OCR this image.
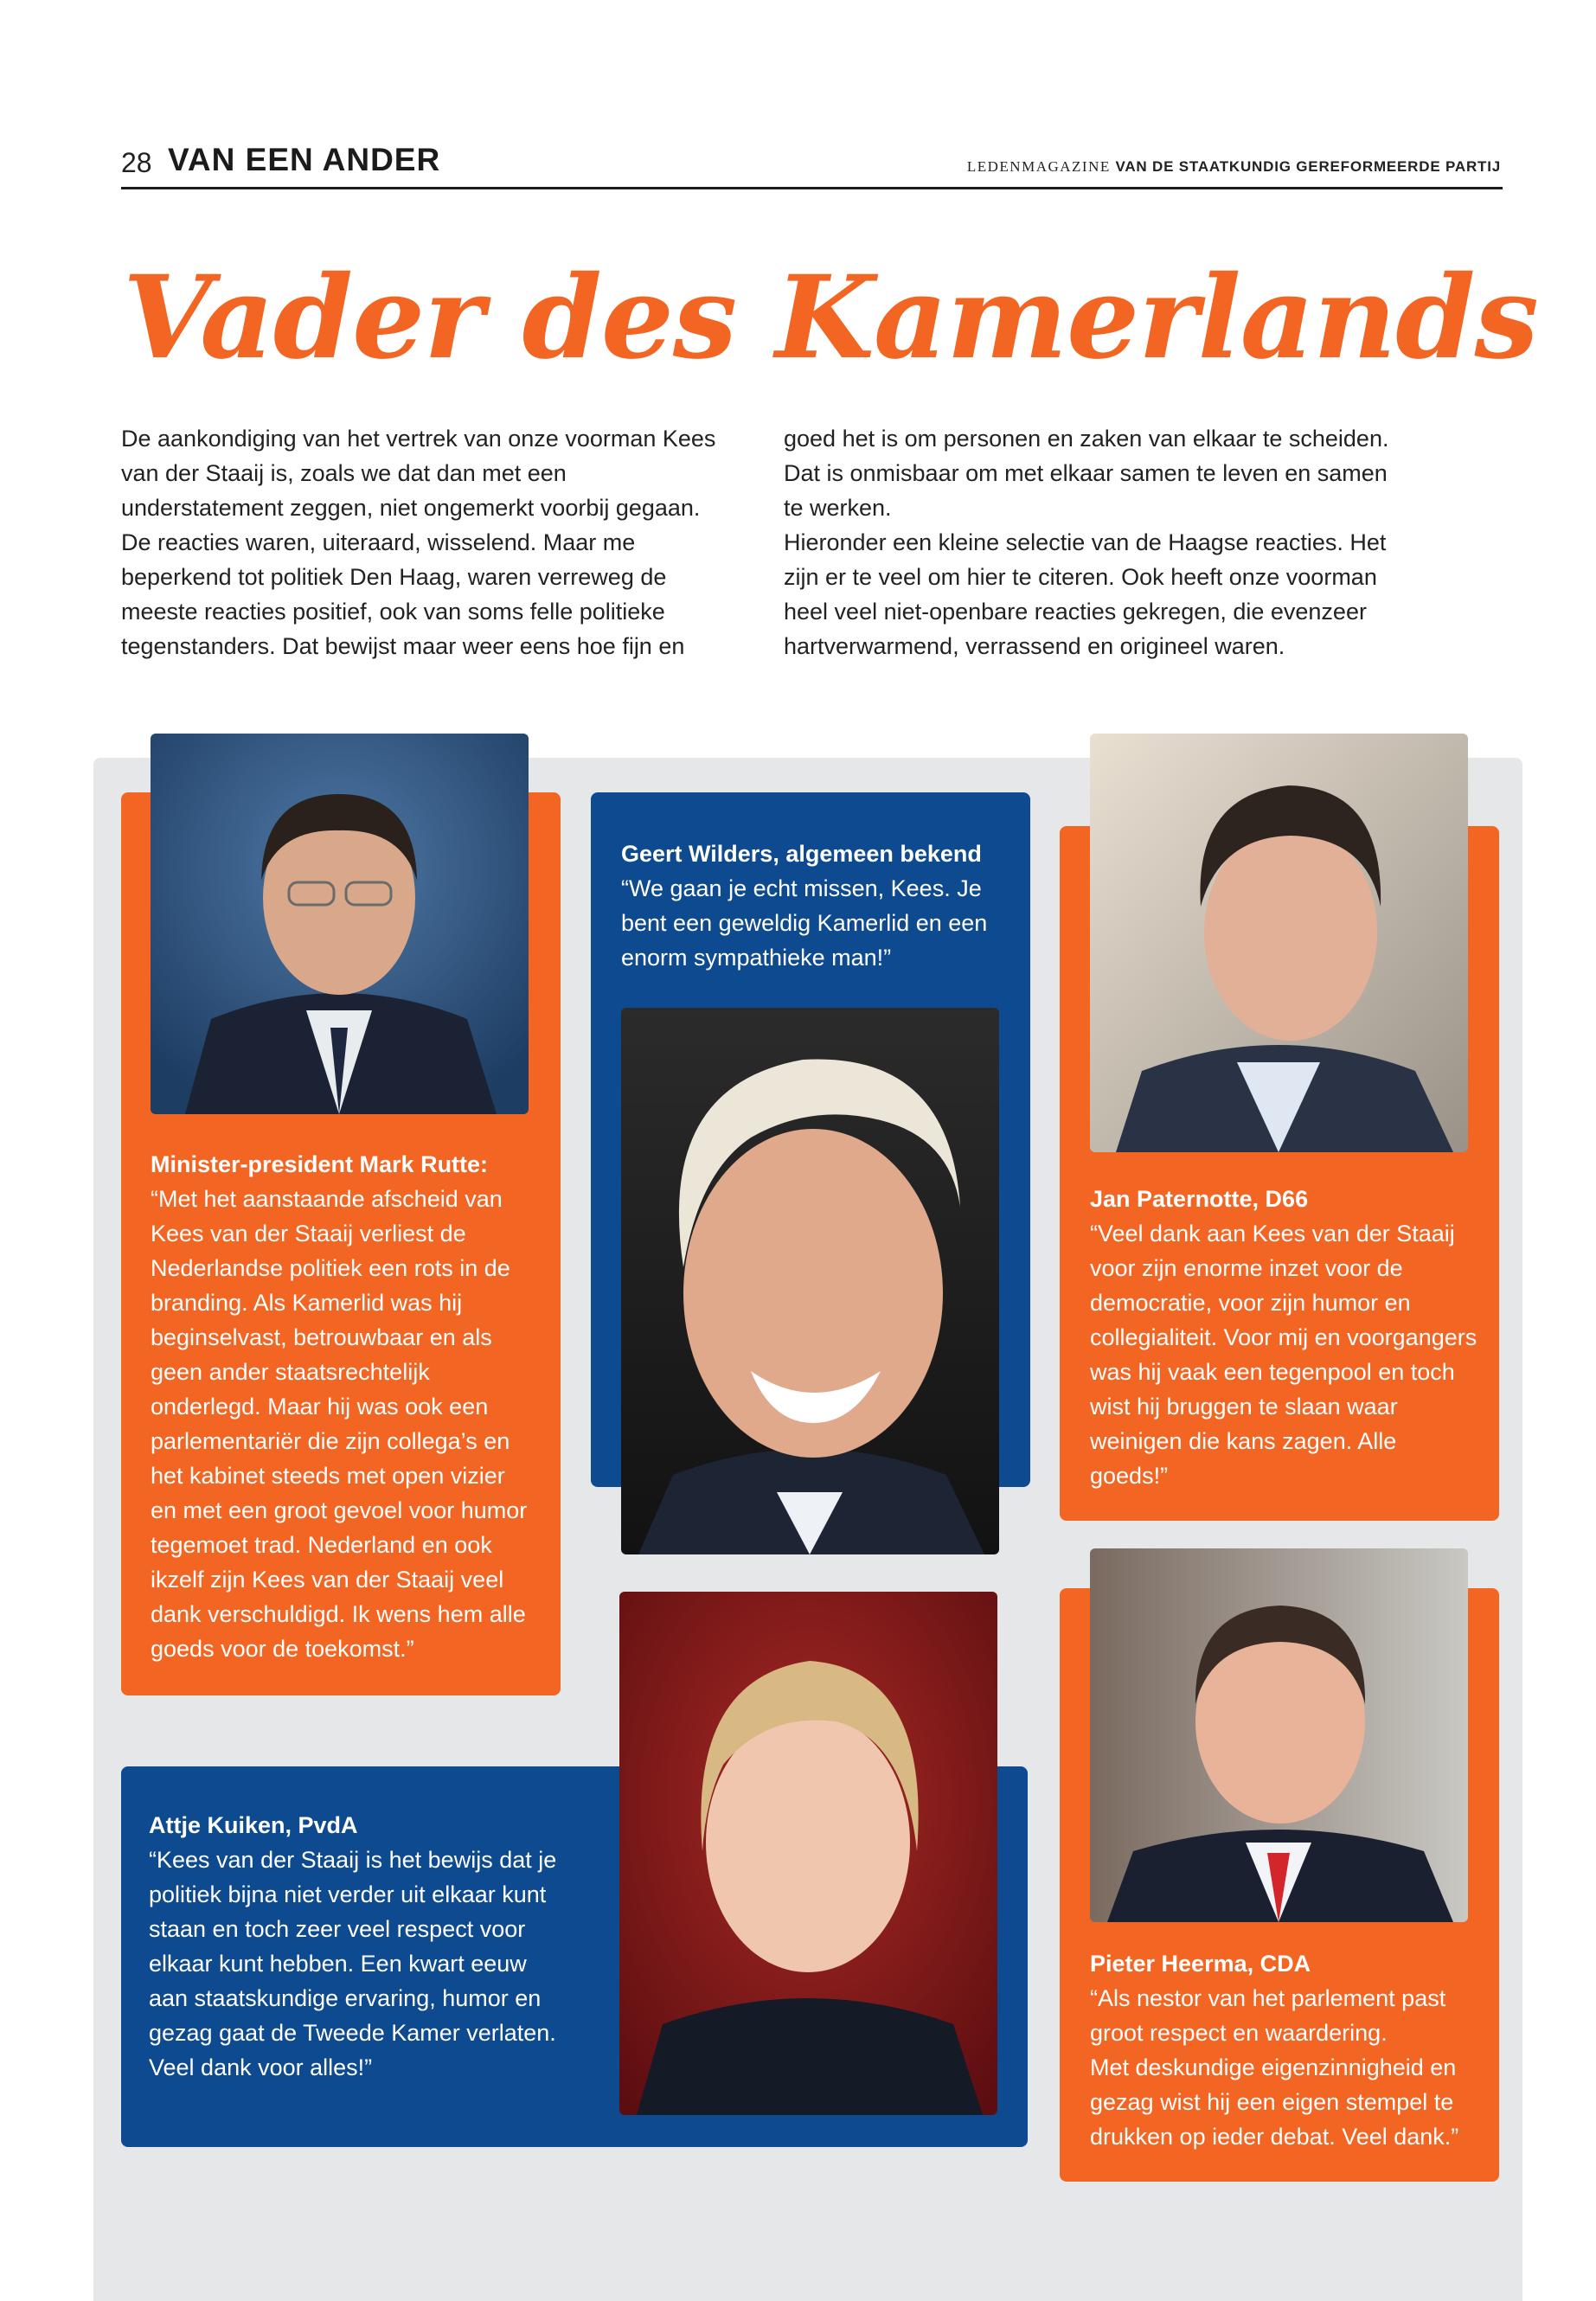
28 VAN EEN ANDER	LEDENMAGAZINE VAN DE STAATKUNDIG GEREFORMEERDE PARTIJ
Vader des Kamerlands

De aankondiging van het vertrek van onze voorman Kees van der Staaij is, zoals we dat dan met een understatement zeggen, niet ongemerkt voorbij gegaan. De reacties waren, uiteraard, wisselend. Maar me beperkend tot politiek Den Haag, waren verreweg de meeste reacties positief, ook van soms felle politieke tegenstanders. Dat bewijst maar weer eens hoe fijn en

goed het is om personen en zaken van elkaar te scheiden. Dat is onmisbaar om met elkaar samen te leven en samen te werken.

Hieronder een kleine selectie van de Haagse reacties. Het zijn er te veel om hier te citeren. Ook heeft onze voorman heel veel niet-openbare reacties gekregen, die evenzeer hartverwarmend, verrassend en origineel waren.

Minister-president Mark Rutte:
“Met het aanstaande afscheid van Kees van der Staaij verliest de Nederlandse politiek een rots in de branding. Als Kamerlid was hij beginselvast, betrouwbaar en als geen ander staatsrechtelijk onderlegd. Maar hij was ook een parlementariër die zijn collega’s en het kabinet steeds met open vizier en met een groot gevoel voor humor tegemoet trad. Nederland en ook ikzelf zijn Kees van der Staaij veel dank verschuldigd. Ik wens hem alle goeds voor de toekomst.”
Geert Wilders, algemeen bekend
“We gaan je echt missen, Kees. Je bent een geweldig Kamerlid en een enorm sympathieke man!”
Jan Paternotte, D66
“Veel dank aan Kees van der Staaij voor zijn enorme inzet voor de democratie, voor zijn humor en collegialiteit. Voor mij en voorgangers was hij vaak een tegenpool en toch wist hij bruggen te slaan waar weinigen die kans zagen. Alle goeds!”
Attje Kuiken, PvdA
“Kees van der Staaij is het bewijs dat je politiek bijna niet verder uit elkaar kunt staan en toch zeer veel respect voor elkaar kunt hebben. Een kwart eeuw aan staatskundige ervaring, humor en gezag gaat de Tweede Kamer verlaten. Veel dank voor alles!”
Pieter Heerma, CDA
“Als nestor van het parlement past groot respect en waardering.
Met deskundige eigenzinnigheid en gezag wist hij een eigen stempel te drukken op ieder debat. Veel dank.”
